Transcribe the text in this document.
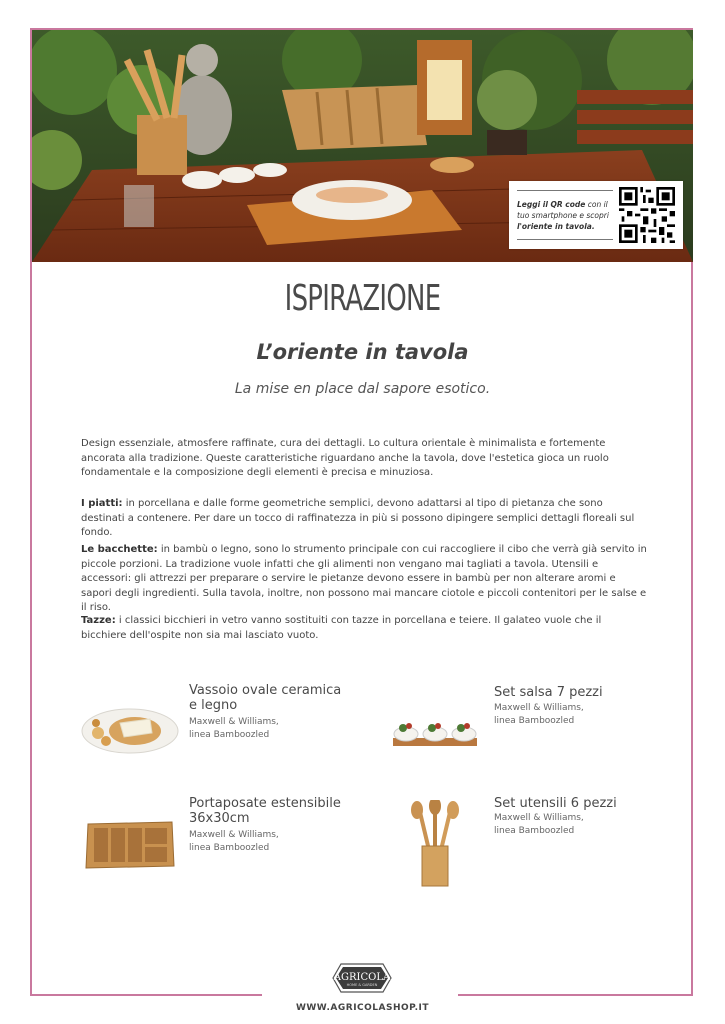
Leggi il QR code con il
tuo smartphone e scopri
l'oriente in tavola.
ISPIRAZIONE
L’oriente in tavola
La mise en place dal sapore esotico.
Design essenziale, atmosfere raffinate, cura dei dettagli. Lo cultura orientale è minimalista e fortemente ancorata alla tradizione. Queste caratteristiche riguardano anche la tavola, dove l'estetica gioca un ruolo fondamentale e la composizione degli elementi è precisa e minuziosa.
I piatti: in porcellana e dalle forme geometriche semplici, devono adattarsi al tipo di pietanza che sono destinati a contenere. Per dare un tocco di raffinatezza in più si possono dipingere semplici dettagli floreali sul fondo.
Le bacchette: in bambù o legno, sono lo strumento principale con cui raccogliere il cibo che verrà già servito in piccole porzioni. La tradizione vuole infatti che gli alimenti non vengano mai tagliati a tavola. Utensili e accessori: gli attrezzi per preparare o servire le pietanze devono essere in bambù per non alterare aromi e sapori degli ingredienti. Sulla tavola, inoltre, non possono mai mancare ciotole e piccoli contenitori per le salse e il riso.
Tazze: i classici bicchieri in vetro vanno sostituiti con tazze in porcellana e teiere. Il galateo vuole che il bicchiere dell'ospite non sia mai lasciato vuoto.
Vassoio ovale ceramica e legno
Maxwell & Williams,
linea Bamboozled
Set salsa 7 pezzi
Maxwell & Williams,
linea Bamboozled
Portaposate estensibile 36x30cm
Maxwell & Williams,
linea Bamboozled
Set utensili 6 pezzi
Maxwell & Williams,
linea Bamboozled
AGRICOLA
HOME & GARDEN
WWW.AGRICOLASHOP.IT
